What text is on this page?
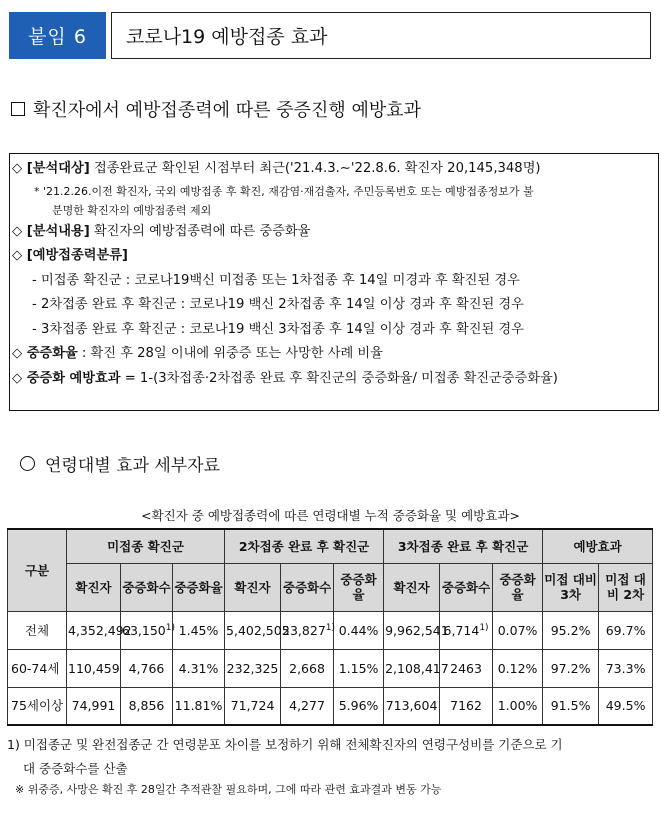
붙임 6	코로나19 예방접종 효과
확진자에서 예방접종력에 따른 중증진행 예방효과
◇ [분석대상] 접종완료군 확인된 시점부터 최근('21.4.3.∼'22.8.6. 확진자 20,145,348명)
* '21.2.26.이전 확진자, 국외 예방접종 후 확진, 재감염·재검출자, 주민등록번호 또는 예방접종정보가 불
분명한 확진자의 예방접종력 제외
◇ [분석내용] 확진자의 예방접종력에 따른 중증화율
◇ [예방접종력분류]
- 미접종 확진군 : 코로나19백신 미접종 또는 1차접종 후 14일 미경과 후 확진된 경우
- 2차접종 완료 후 확진군 : 코로나19 백신 2차접종 후 14일 이상 경과 후 확진된 경우
- 3차접종 완료 후 확진군 : 코로나19 백신 3차접종 후 14일 이상 경과 후 확진된 경우
◇ 중증화율 : 확진 후 28일 이내에 위중증 또는 사망한 사례 비율
◇ 중증화 예방효과 = 1-(3차접종·2차접종 완료 후 확진군의 중증화율/ 미접종 확진군중증화율)
연령대별 효과 세부자료
<확진자 중 예방접종력에 따른 연령대별 누적 중증화율 및 예방효과>
구분	미접종 확진군			2차접종 완료 후 확진군			3차접종 완료 후 확진군			예방효과	
	확진자	중증화수	중증화율	확진자	중증화수	중증화율	확진자	중증화수	중증화율	미접 대비 3차	미접 대비 2차
전체	4,352,492	63,150$^{1)}$	1.45%	5,402,505	23,827$^{1)}$	0.44%	9,962,541	6,714$^{1)}$	0.07%	95.2%	69.7%
60-74세	110,459	4,766	4.31%	232,325	2,668	1.15%	2,108,417	2463	0.12%	97.2%	73.3%
75세이상	74,991	8,856	11.81%	71,724	4,277	5.96%	713,604	7162	1.00%	91.5%	49.5%
1) 미접종군 및 완전접종군 간 연령분포 차이를 보정하기 위해 전체확진자의 연령구성비를 기준으로 기
대 중증화수를 산출
※ 위중증, 사망은 확진 후 28일간 추적관찰 필요하며, 그에 따라 관련 효과결과 변동 가능
